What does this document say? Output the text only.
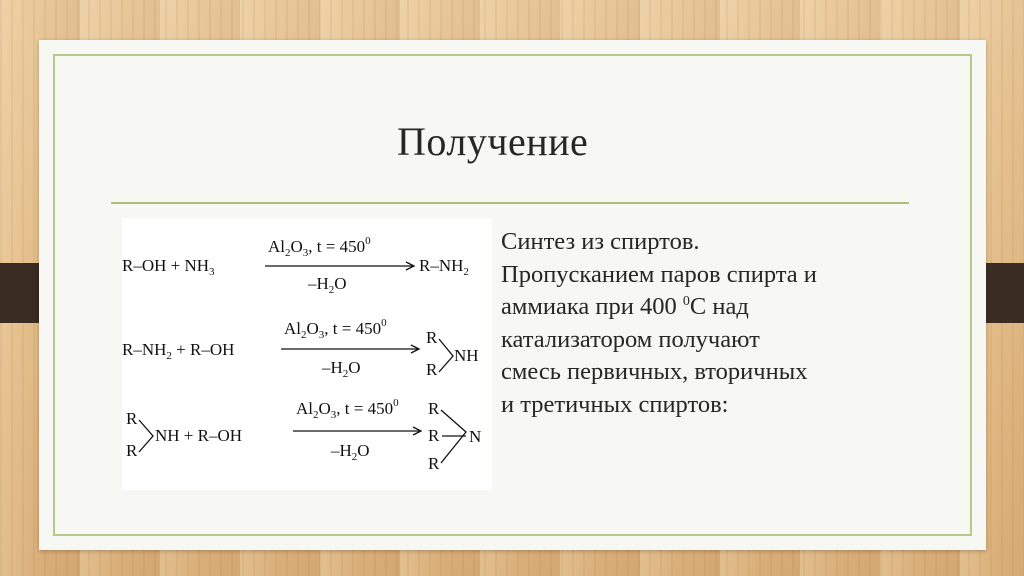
Получение
$Al_2O_3$, $t = 450^0$
$R-OH + NH_3$
$-H_2O$
$R-NH_2$
$Al_2O_3$, $t = 450^0$
$R-NH_2 + R-OH$
$-H_2O$
R
R
NH
$Al_2O_3$, $t = 450^0$
R
R
NH + R–OH
$-H_2O$
R
R
R
N

Синтез из спиртов.

Пропусканием паров спирта и

аммиака при 400 $^0$С над

катализатором получают

смесь первичных, вторичных

и третичных спиртов:
